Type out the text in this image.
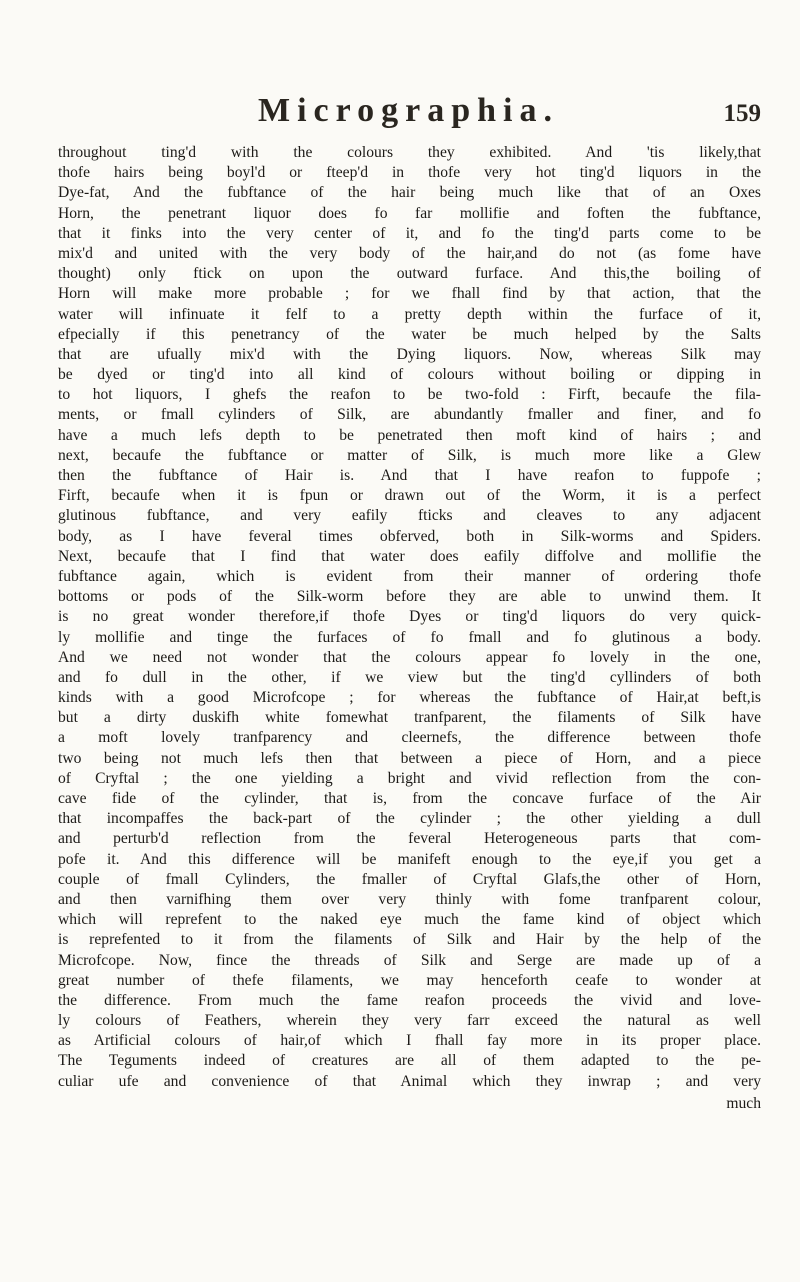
Micrographia.	159
throughout ting'd with the colours they exhibited. And 'tis likely,that
thofe hairs being boyl'd or fteep'd in thofe very hot ting'd liquors in the
Dye-fat, And the fubftance of the hair being much like that of an Oxes
Horn, the penetrant liquor does fo far mollifie and foften the fubftance,
that it finks into the very center of it, and fo the ting'd parts come to be
mix'd and united with the very body of the hair,and do not (as fome have
thought) only ftick on upon the outward furface. And this,the boiling of
Horn will make more probable ; for we fhall find by that action, that the
water will infinuate it felf to a pretty depth within the furface of it,
efpecially if this penetrancy of the water be much helped by the Salts
that are ufually mix'd with the Dying liquors. Now, whereas Silk may
be dyed or ting'd into all kind of colours without boiling or dipping in
to hot liquors, I ghefs the reafon to be two-fold : Firft, becaufe the fila-
ments, or fmall cylinders of Silk, are abundantly fmaller and finer, and fo
have a much lefs depth to be penetrated then moft kind of hairs ; and
next, becaufe the fubftance or matter of Silk, is much more like a Glew
then the fubftance of Hair is. And that I have reafon to fuppofe ;
Firft, becaufe when it is fpun or drawn out of the Worm, it is a perfect
glutinous fubftance, and very eafily fticks and cleaves to any adjacent
body, as I have feveral times obferved, both in Silk-worms and Spiders.
Next, becaufe that I find that water does eafily diffolve and mollifie the
fubftance again, which is evident from their manner of ordering thofe
bottoms or pods of the Silk-worm before they are able to unwind them. It
is no great wonder therefore,if thofe Dyes or ting'd liquors do very quick-
ly mollifie and tinge the furfaces of fo fmall and fo glutinous a body.
And we need not wonder that the colours appear fo lovely in the one,
and fo dull in the other, if we view but the ting'd cyllinders of both
kinds with a good Microfcope ; for whereas the fubftance of Hair,at beft,is
but a dirty duskifh white fomewhat tranfparent, the filaments of Silk have
a moft lovely tranfparency and cleernefs, the difference between thofe
two being not much lefs then that between a piece of Horn, and a piece
of Cryftal ; the one yielding a bright and vivid reflection from the con-
cave fide of the cylinder, that is, from the concave furface of the Air
that incompaffes the back-part of the cylinder ; the other yielding a dull
and perturb'd reflection from the feveral Heterogeneous parts that com-
pofe it. And this difference will be manifeft enough to the eye,if you get a
couple of fmall Cylinders, the fmaller of Cryftal Glafs,the other of Horn,
and then varnifhing them over very thinly with fome tranfparent colour,
which will reprefent to the naked eye much the fame kind of object which
is reprefented to it from the filaments of Silk and Hair by the help of the
Microfcope. Now, fince the threads of Silk and Serge are made up of a
great number of thefe filaments, we may henceforth ceafe to wonder at
the difference. From much the fame reafon proceeds the vivid and love-
ly colours of Feathers, wherein they very farr exceed the natural as well
as Artificial colours of hair,of which I fhall fay more in its proper place.
The Teguments indeed of creatures are all of them adapted to the pe-
culiar ufe and convenience of that Animal which they inwrap ; and very
much
